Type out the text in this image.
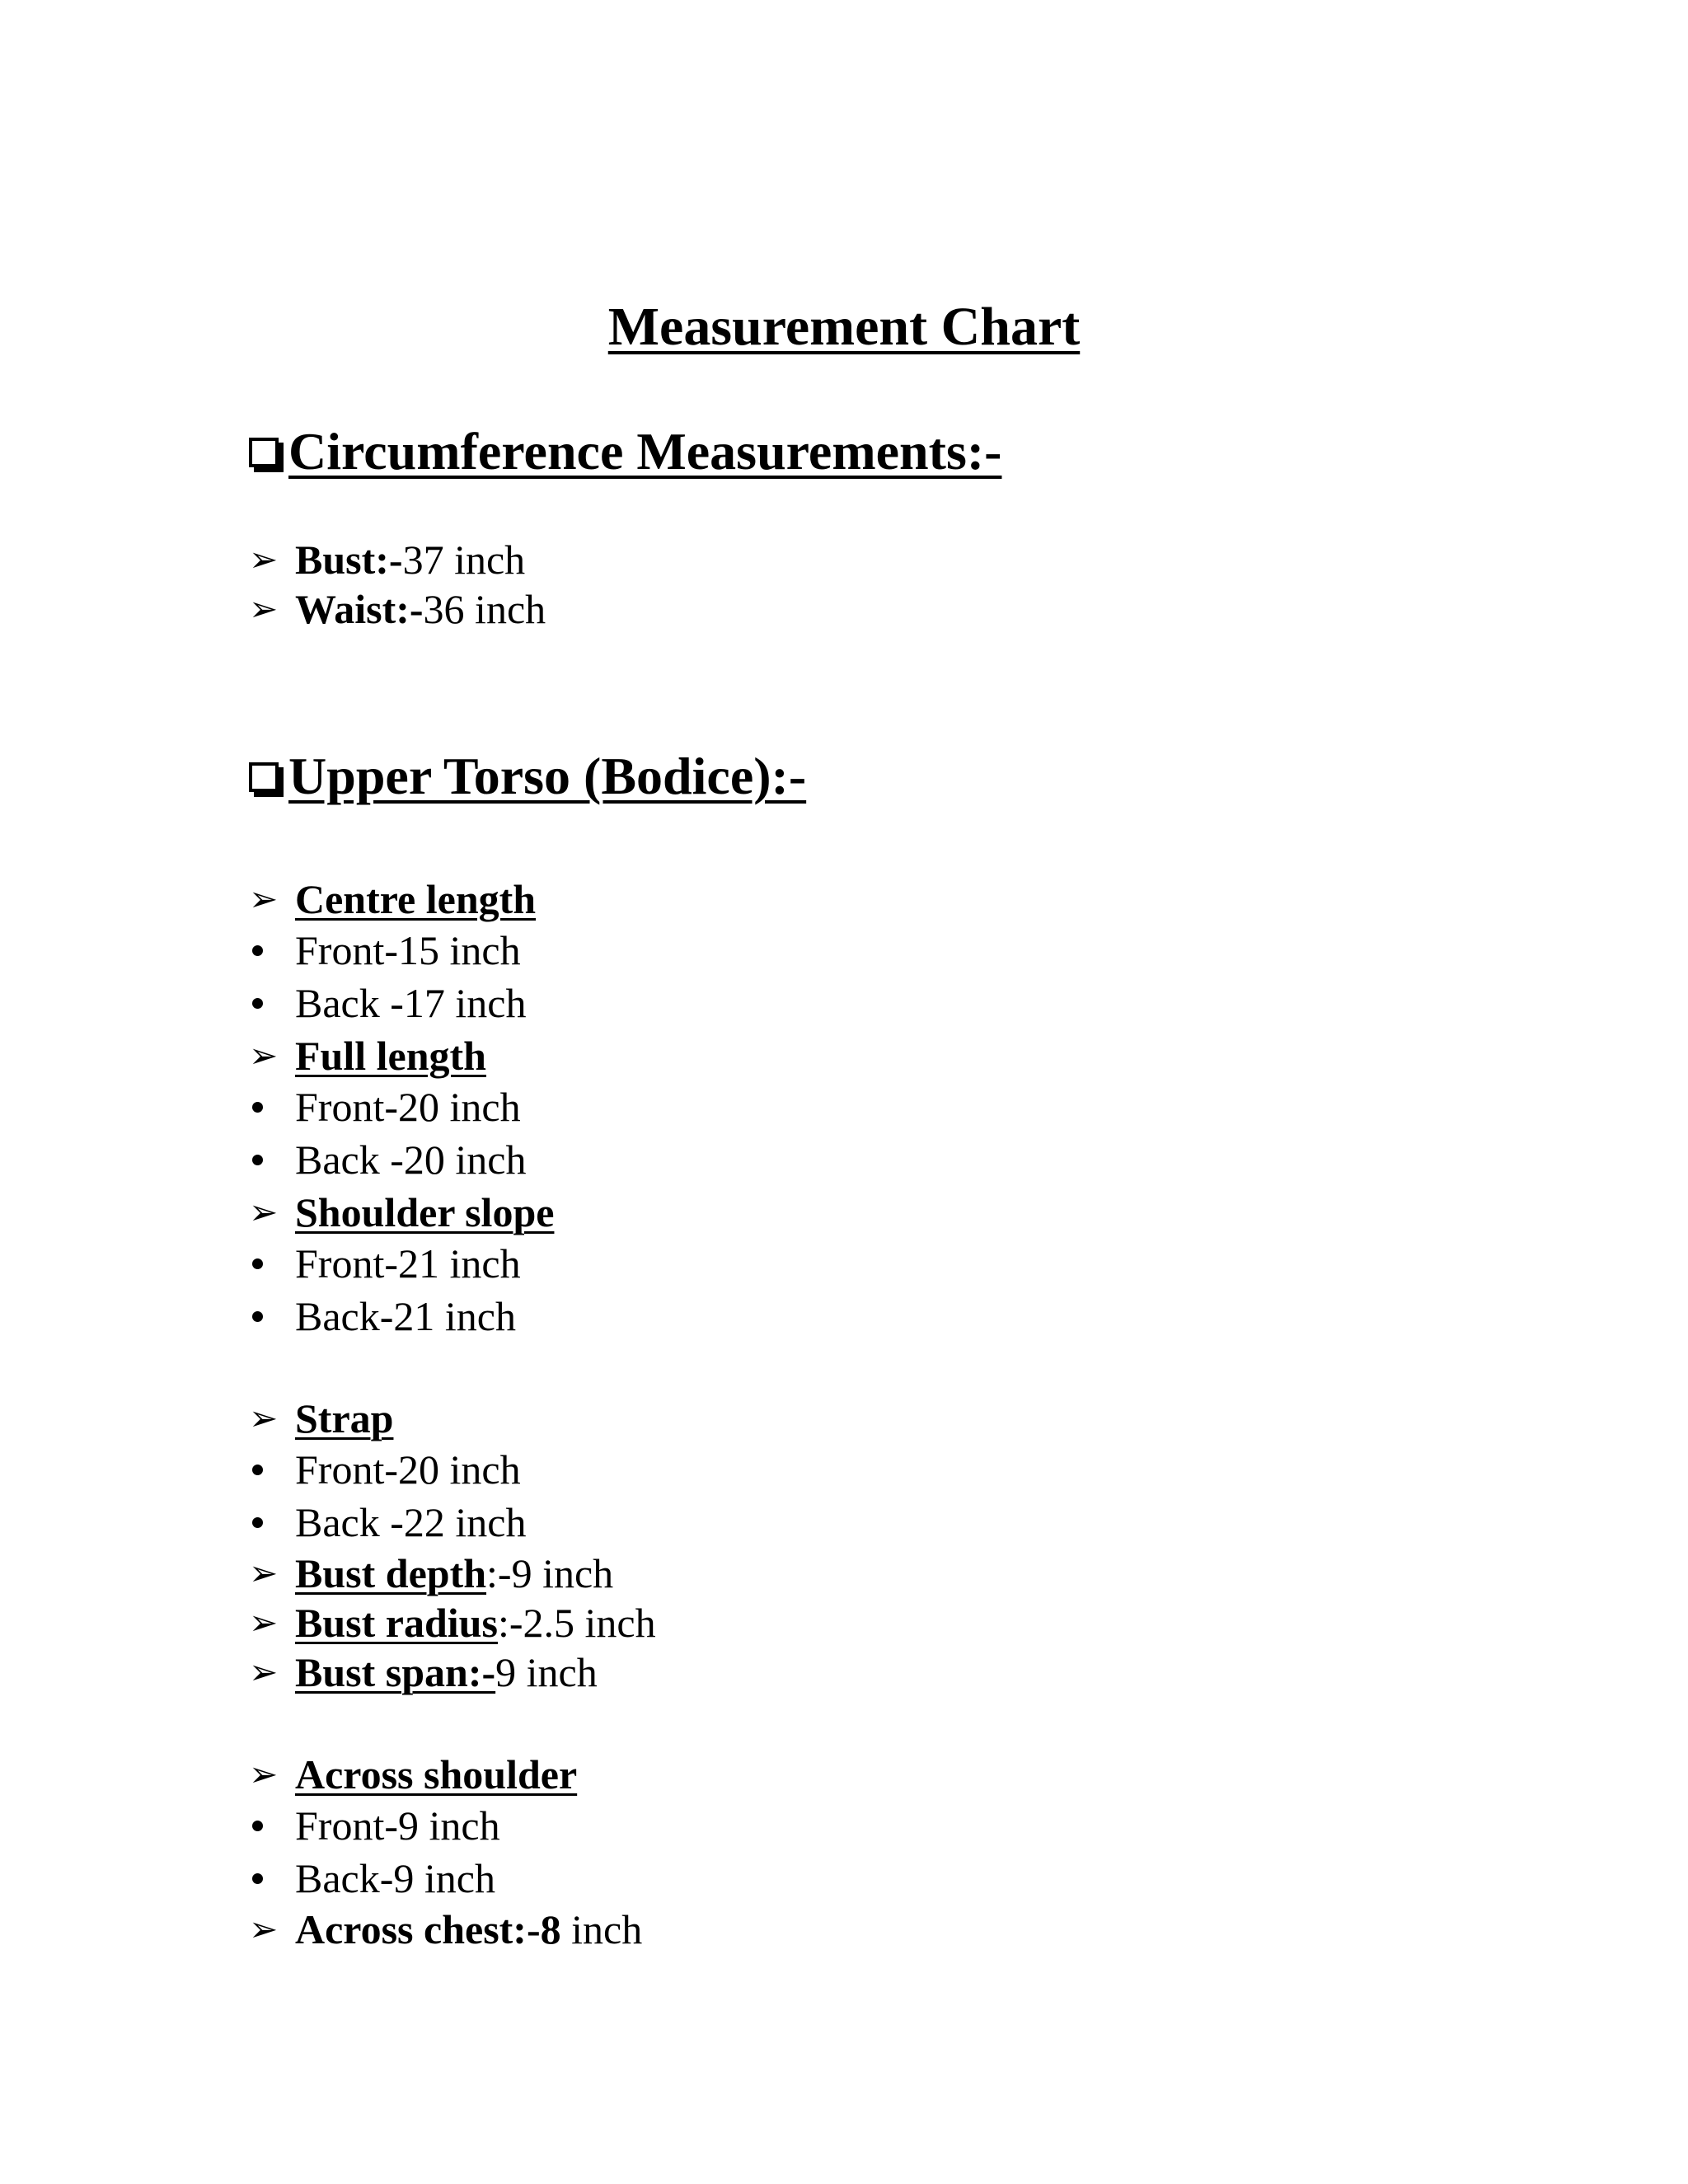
Measurement Chart
Circumference Measurements:-
➢ Bust:-37 inch
➢ Waist:-36 inch
Upper Torso (Bodice):-
➢ Centre length
Front-15 inch
Back -17 inch
➢ Full length
Front-20 inch
Back -20 inch
➢ Shoulder slope
Front-21 inch
Back-21 inch
➢ Strap
Front-20 inch
Back -22 inch
➢ Bust depth:-9 inch
➢ Bust radius:-2.5 inch
➢ Bust span:-9 inch
➢ Across shoulder
Front-9 inch
Back-9 inch
➢ Across chest:-8 inch
